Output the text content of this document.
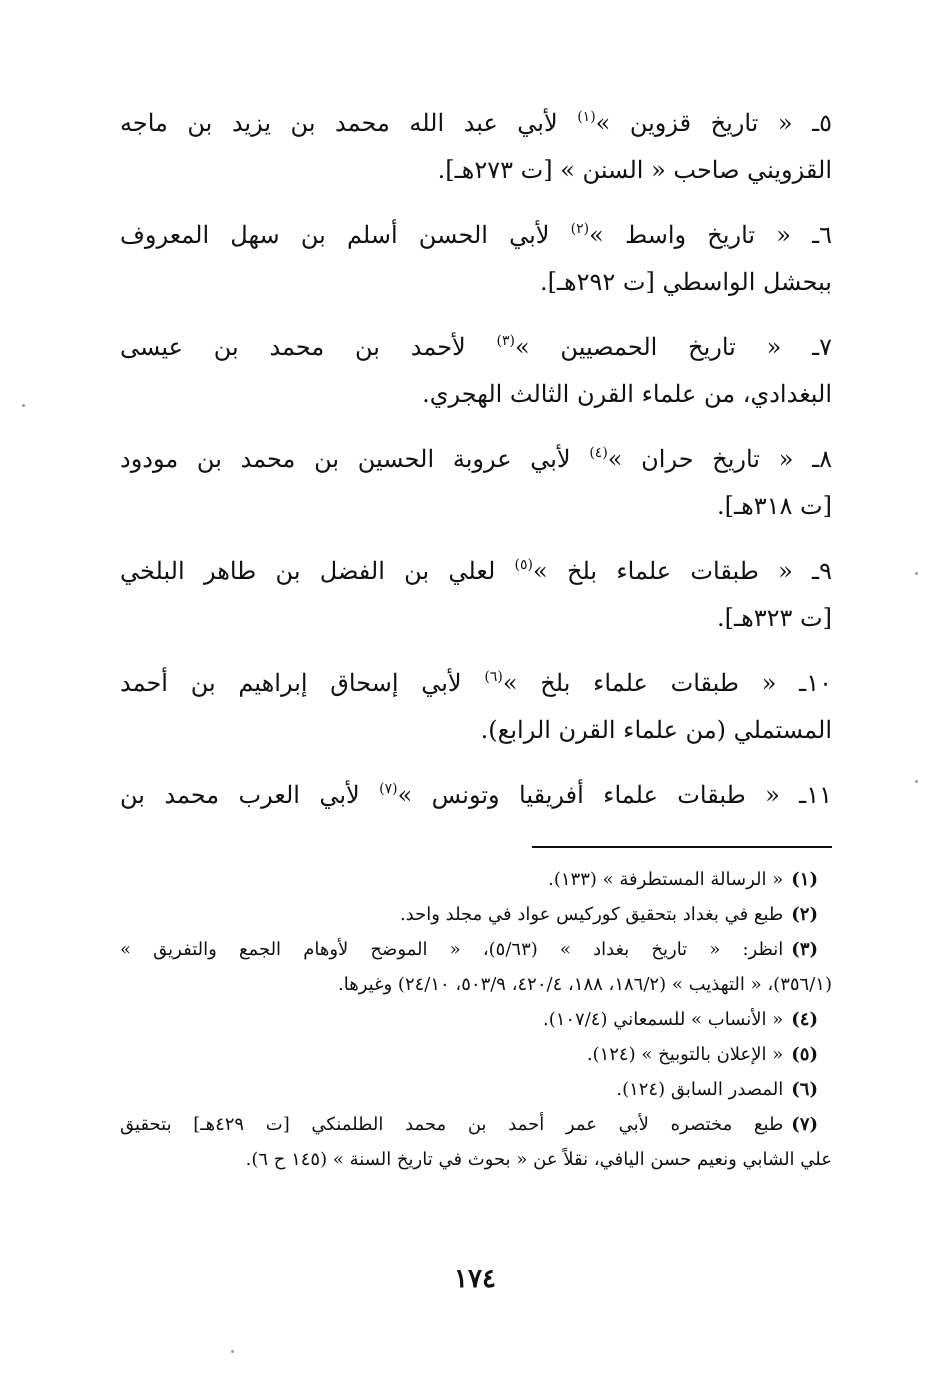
٥ـ « تاريخ قزوين »$^{(١)}$ لأبي عبد الله محمد بن يزيد بن ماجه
القزويني صاحب « السنن » [ت ٢٧٣هـ].

٦ـ « تاريخ واسط »$^{(٢)}$ لأبي الحسن أسلم بن سهل المعروف
ببحشل الواسطي [ت ٢٩٢هـ].

٧ـ « تاريخ الحمصيين »$^{(٣)}$ لأحمد بن محمد بن عيسى
البغدادي، من علماء القرن الثالث الهجري.

٨ـ « تاريخ حران »$^{(٤)}$ لأبي عروبة الحسين بن محمد بن مودود
[ت ٣١٨هـ].

٩ـ « طبقات علماء بلخ »$^{(٥)}$ لعلي بن الفضل بن طاهر البلخي
[ت ٣٢٣هـ].

١٠ـ « طبقات علماء بلخ »$^{(٦)}$ لأبي إسحاق إبراهيم بن أحمد
المستملي (من علماء القرن الرابع).

١١ـ « طبقات علماء أفريقيا وتونس »$^{(٧)}$ لأبي العرب محمد بن

(١)« الرسالة المستطرفة » (١٣٣).

(٢)طبع في بغداد بتحقيق كوركيس عواد في مجلد واحد.

(٣)انظر: « تاريخ بغداد » (٥/٦٣)، « الموضح لأوهام الجمع والتفريق »
(٣٥٦/١)، « التهذيب » (١٨٦/٢، ١٨٨، ٤٢٠/٤، ٥٠٣/٩، ٢٤/١٠) وغيرها.

(٤)« الأنساب » للسمعاني (١٠٧/٤).

(٥)« الإعلان بالتوبيخ » (١٢٤).

(٦)المصدر السابق (١٢٤).

(٧)طبع مختصره لأبي عمر أحمد بن محمد الطلمنكي [ت ٤٢٩هـ] بتحقيق
علي الشابي ونعيم حسن اليافي، نقلاً عن « بحوث في تاريخ السنة » (١٤٥ ح ٦).

١٧٤
